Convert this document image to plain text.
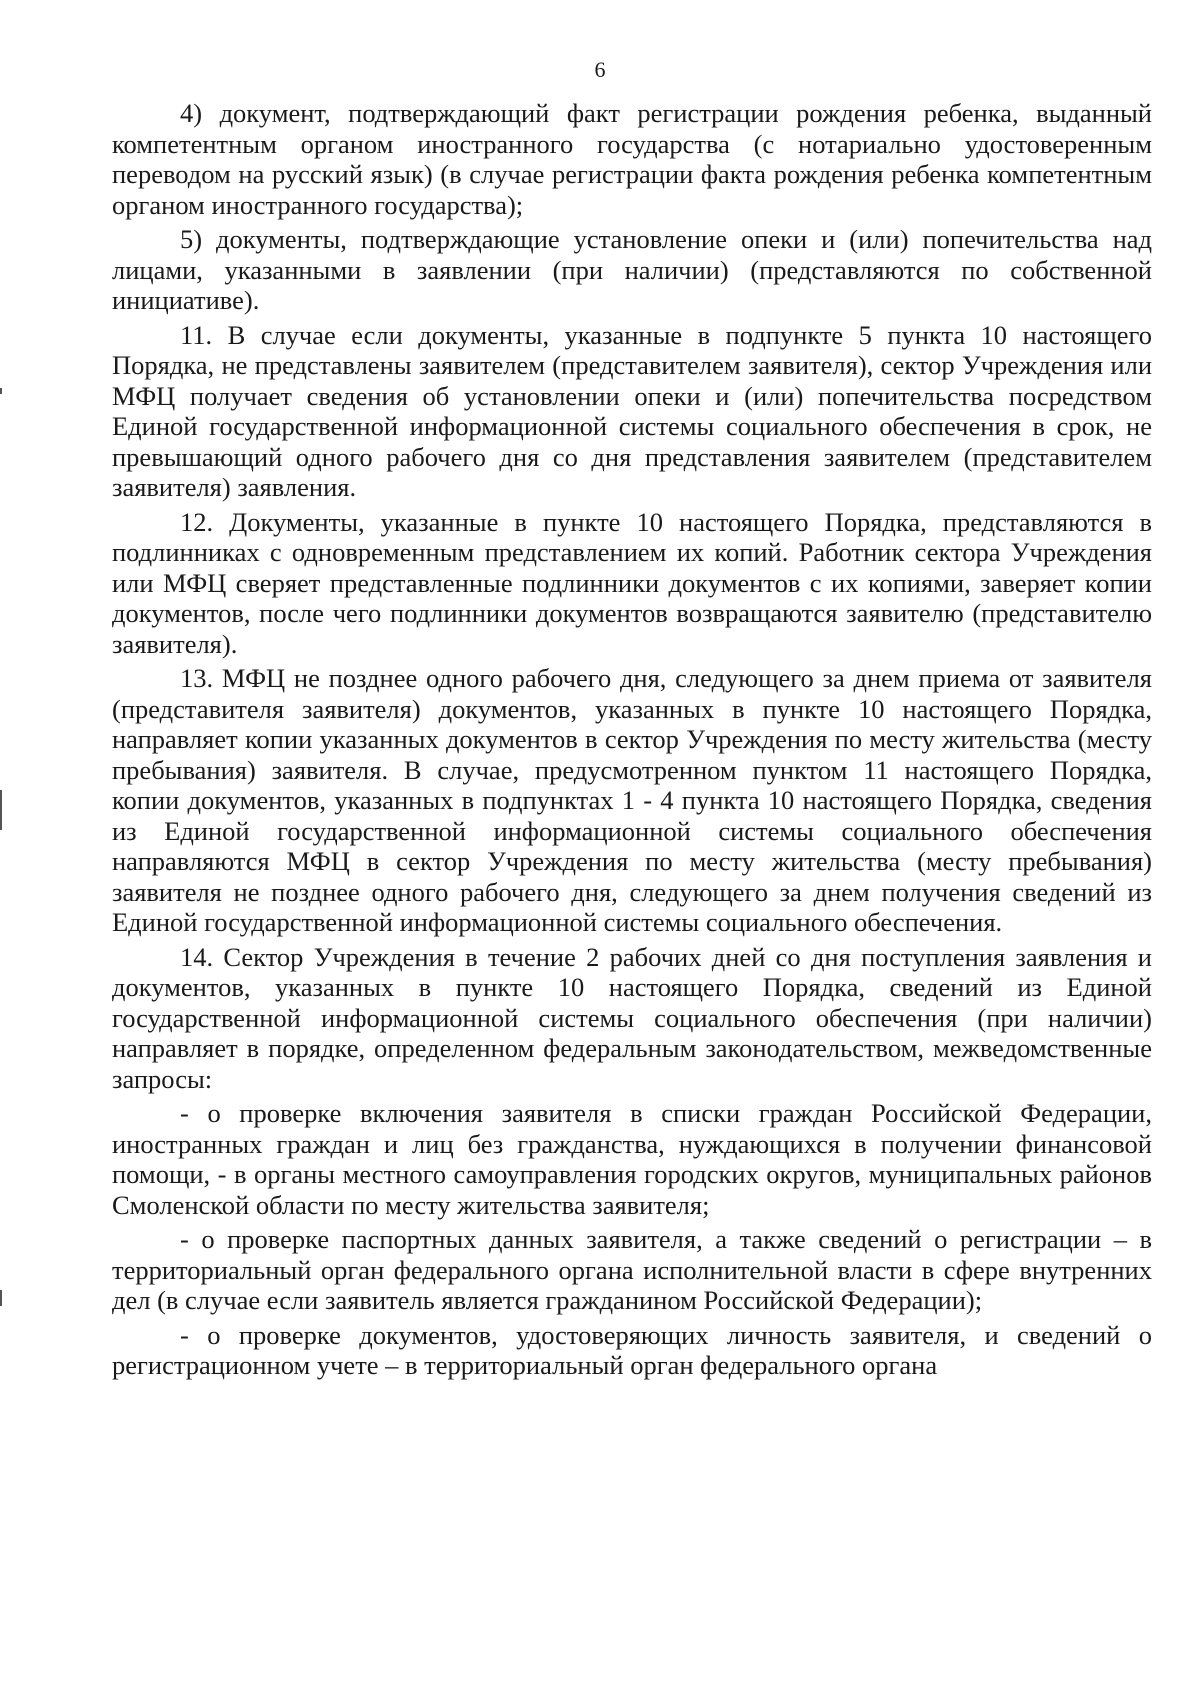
6

4) документ, подтверждающий факт регистрации рождения ребенка, выданный компетентным органом иностранного государства (с нотариально удостоверенным переводом на русский язык) (в случае регистрации факта рождения ребенка компетентным органом иностранного государства);

5) документы, подтверждающие установление опеки и (или) попечительства над лицами, указанными в заявлении (при наличии) (представляются по собственной инициативе).

11. В случае если документы, указанные в подпункте 5 пункта 10 настоящего Порядка, не представлены заявителем (представителем заявителя), сектор Учреждения или МФЦ получает сведения об установлении опеки и (или) попечительства посредством Единой государственной информационной системы социального обеспечения в срок, не превышающий одного рабочего дня со дня представления заявителем (представителем заявителя) заявления.

12. Документы, указанные в пункте 10 настоящего Порядка, представляются в подлинниках с одновременным представлением их копий. Работник сектора Учреждения или МФЦ сверяет представленные подлинники документов с их копиями, заверяет копии документов, после чего подлинники документов возвращаются заявителю (представителю заявителя).

13. МФЦ не позднее одного рабочего дня, следующего за днем приема от заявителя (представителя заявителя) документов, указанных в пункте 10 настоящего Порядка, направляет копии указанных документов в сектор Учреждения по месту жительства (месту пребывания) заявителя. В случае, предусмотренном пунктом 11 настоящего Порядка, копии документов, указанных в подпунктах 1 - 4 пункта 10 настоящего Порядка, сведения из Единой государственной информационной системы социального обеспечения направляются МФЦ в сектор Учреждения по месту жительства (месту пребывания) заявителя не позднее одного рабочего дня, следующего за днем получения сведений из Единой государственной информационной системы социального обеспечения.

14. Сектор Учреждения в течение 2 рабочих дней со дня поступления заявления и документов, указанных в пункте 10 настоящего Порядка, сведений из Единой государственной информационной системы социального обеспечения (при наличии) направляет в порядке, определенном федеральным законодательством, межведомственные запросы:

- о проверке включения заявителя в списки граждан Российской Федерации, иностранных граждан и лиц без гражданства, нуждающихся в получении финансовой помощи, - в органы местного самоуправления городских округов, муниципальных районов Смоленской области по месту жительства заявителя;

- о проверке паспортных данных заявителя, а также сведений о регистрации – в территориальный орган федерального органа исполнительной власти в сфере внутренних дел (в случае если заявитель является гражданином Российской Федерации);

- о проверке документов, удостоверяющих личность заявителя, и сведений о регистрационном учете – в территориальный орган федерального органа
